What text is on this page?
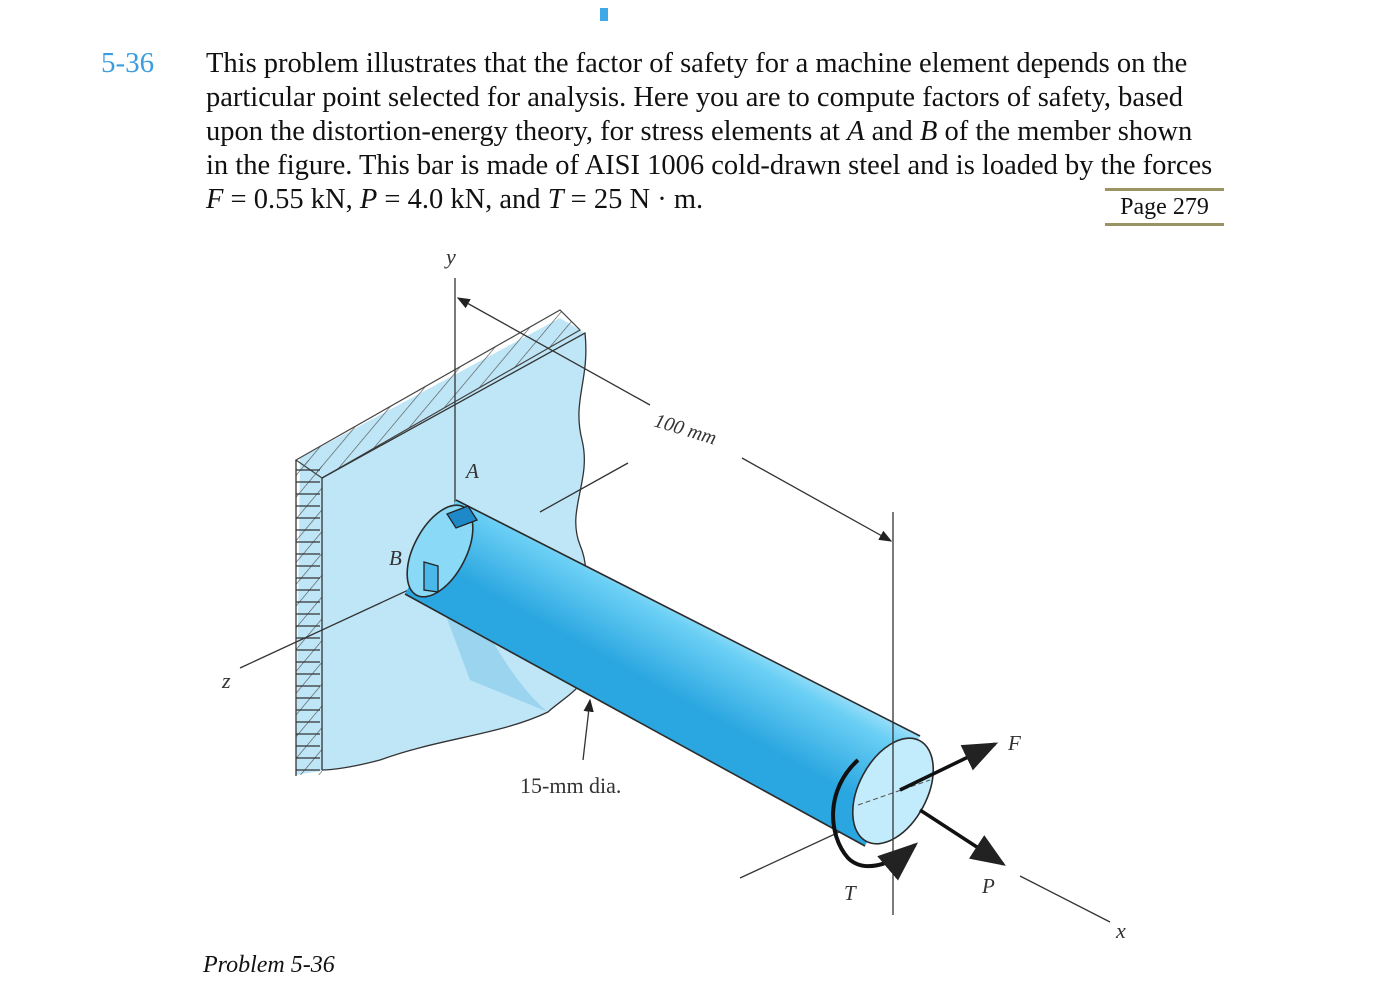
5-36 This problem illustrates that the factor of safety for a machine element depends on the particular point selected for analysis. Here you are to compute factors of safety, based upon the distortion-energy theory, for stress elements at A and B of the member shown in the figure. This bar is made of AISI 1006 cold-drawn steel and is loaded by the forces F = 0.55 kN, P = 4.0 kN, and T = 25 N · m.	Page 279
y
z
x
A
B
100 mm
15-mm dia.
F
P
T
Problem 5-36
